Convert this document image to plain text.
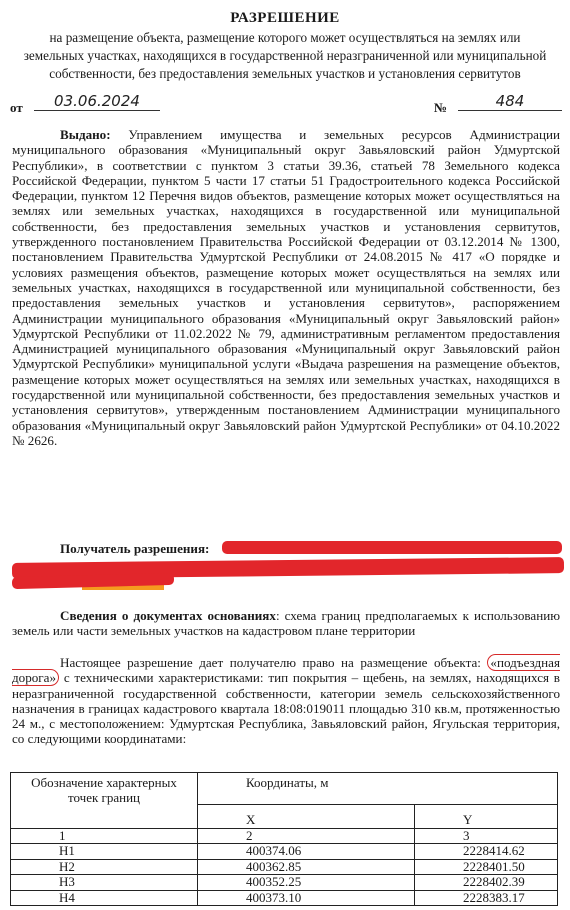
РАЗРЕШЕНИЕ
на размещение объекта, размещение которого может осуществляться на землях или земельных участках, находящихся в государственной неразграниченной или муниципальной собственности, без предоставления земельных участков и установления сервитутов
от	03.06.2024	№	484
Выдано: Управлением имущества и земельных ресурсов Администрации муниципального образования «Муниципальный округ Завьяловский район Удмуртской Республики», в соответствии с пунктом 3 статьи 39.36, статьей 78 Земельного кодекса Российской Федерации, пунктом 5 части 17 статьи 51 Градостроительного кодекса Российской Федерации, пунктом 12 Перечня видов объектов, размещение которых может осуществляться на землях или земельных участках, находящихся в государственной или муниципальной собственности, без предоставления земельных участков и установления сервитутов, утвержденного постановлением Правительства Российской Федерации от 03.12.2014 № 1300, постановлением Правительства Удмуртской Республики от 24.08.2015 № 417 «О порядке и условиях размещения объектов, размещение которых может осуществляться на землях или земельных участках, находящихся в государственной или муниципальной собственности, без предоставления земельных участков и установления сервитутов», распоряжением Администрации муниципального образования «Муниципальный округ Завьяловский район» Удмуртской Республики от 11.02.2022 № 79, административным регламентом предоставления Администрацией муниципального образования «Муниципальный округ Завьяловский район Удмуртской Республики» муниципальной услуги «Выдача разрешения на размещение объектов, размещение которых может осуществляться на землях или земельных участках, находящихся в государственной или муниципальной собственности, без предоставления земельных участков и установления сервитутов», утвержденным постановлением Администрации муниципального образования «Муниципальный округ Завьяловский район Удмуртской Республики» от 04.10.2022 № 2626.
Получатель разрешения:
Сведения о документах основаниях: схема границ предполагаемых к использованию земель или части земельных участков на кадастровом плане территории
Настоящее разрешение дает получателю право на размещение объекта: «подъездная дорога» с техническими характеристиками: тип покрытия – щебень, на землях, находящихся в неразграниченной государственной собственности, категории земель сельскохозяйственного назначения в границах кадастрового квартала 18:08:019011 площадью 310 кв.м, протяженностью 24 м., с местоположением: Удмуртская Республика, Завьяловский район, Ягульская территория, со следующими координатами:
Обозначение характерных точек границ	Координаты, м	
	X	Y
1	2	3
Н1	400374.06	2228414.62
Н2	400362.85	2228401.50
Н3	400352.25	2228402.39
Н4	400373.10	2228383.17
